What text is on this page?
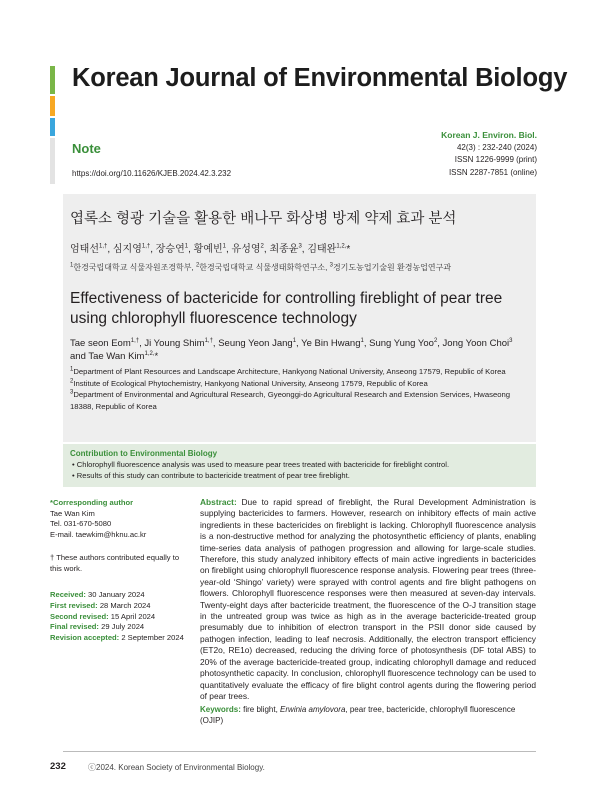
Korean Journal of Environmental Biology
Note
https://doi.org/10.11626/KJEB.2024.42.3.232
Korean J. Environ. Biol.
42(3) : 232-240 (2024)
ISSN 1226-9999 (print)
ISSN 2287-7851 (online)
엽록소 형광 기술을 활용한 배나무 화상병 방제 약제 효과 분석
엄태선$^{1,\dagger}$, 심지영$^{1,\dagger}$, 장승연$^1$, 황예빈$^1$, 유성영$^2$, 최종윤$^3$, 김태완$^{1,2,}$*
$^1$한경국립대학교 식물자원조경학부, $^2$한경국립대학교 식물생태화학연구소, $^3$경기도농업기술원 환경농업연구과
Effectiveness of bactericide for controlling fireblight of pear tree using chlorophyll fluorescence technology
Tae seon Eom$^{1,\dagger}$, Ji Young Shim$^{1,\dagger}$, Seung Yeon Jang$^1$, Ye Bin Hwang$^1$, Sung Yung Yoo$^2$, Jong Yoon Choi$^3$ and Tae Wan Kim$^{1,2,}$*
$^1$Department of Plant Resources and Landscape Architecture, Hankyong National University, Anseong 17579, Republic of Korea
$^2$Institute of Ecological Phytochemistry, Hankyong National University, Anseong 17579, Republic of Korea
$^3$Department of Environmental and Agricultural Research, Gyeonggi-do Agricultural Research and Extension Services, Hwaseong 18388, Republic of Korea
Contribution to Environmental Biology
• Chlorophyll fluorescence analysis was used to measure pear trees treated with bactericide for fireblight control.
• Results of this study can contribute to bactericide treatment of pear tree fireblight.
*Corresponding author
Tae Wan Kim
Tel. 031-670-5080
E-mail. taewkim@hknu.ac.kr
† These authors contributed equally to this work.
Received: 30 January 2024
First revised: 28 March 2024
Second revised: 15 April 2024
Final revised: 29 July 2024
Revision accepted: 2 September 2024
Abstract: Due to rapid spread of fireblight, the Rural Development Administration is supplying bactericides to farmers. However, research on inhibitory effects of main active ingredients in these bactericides on fireblight is lacking. Chlorophyll fluorescence analysis is a non-destructive method for analyzing the photosynthetic efficiency of plants, enabling time-series data analysis of pathogen progression and allowing for large-scale studies. Therefore, this study analyzed inhibitory effects of main active ingredients in bactericides on fireblight using chlorophyll fluorescence response analysis. Flowering pear trees (three-year-old ‘Shingo’ variety) were sprayed with control agents and fire blight pathogens on flowers. Chlorophyll fluorescence responses were then measured at seven-day intervals. Twenty-eight days after bactericide treatment, the fluorescence of the O-J transition stage in the untreated group was twice as high as in the average bactericide-treated group presumably due to inhibition of electron transport in the PSII donor side caused by pathogen infection, leading to leaf necrosis. Additionally, the electron transport efficiency (ET2o, RE1o) decreased, reducing the driving force of photosynthesis (DF total ABS) to 20% of the average bactericide-treated group, indicating chlorophyll damage and reduced photosynthetic capacity. In conclusion, chlorophyll fluorescence technology can be used to quantitatively evaluate the efficacy of fire blight control agents during the flowering period of pear trees.
Keywords: fire blight, Erwinia amylovora, pear tree, bactericide, chlorophyll fluorescence (OJIP)
232	ⓒ2024. Korean Society of Environmental Biology.
